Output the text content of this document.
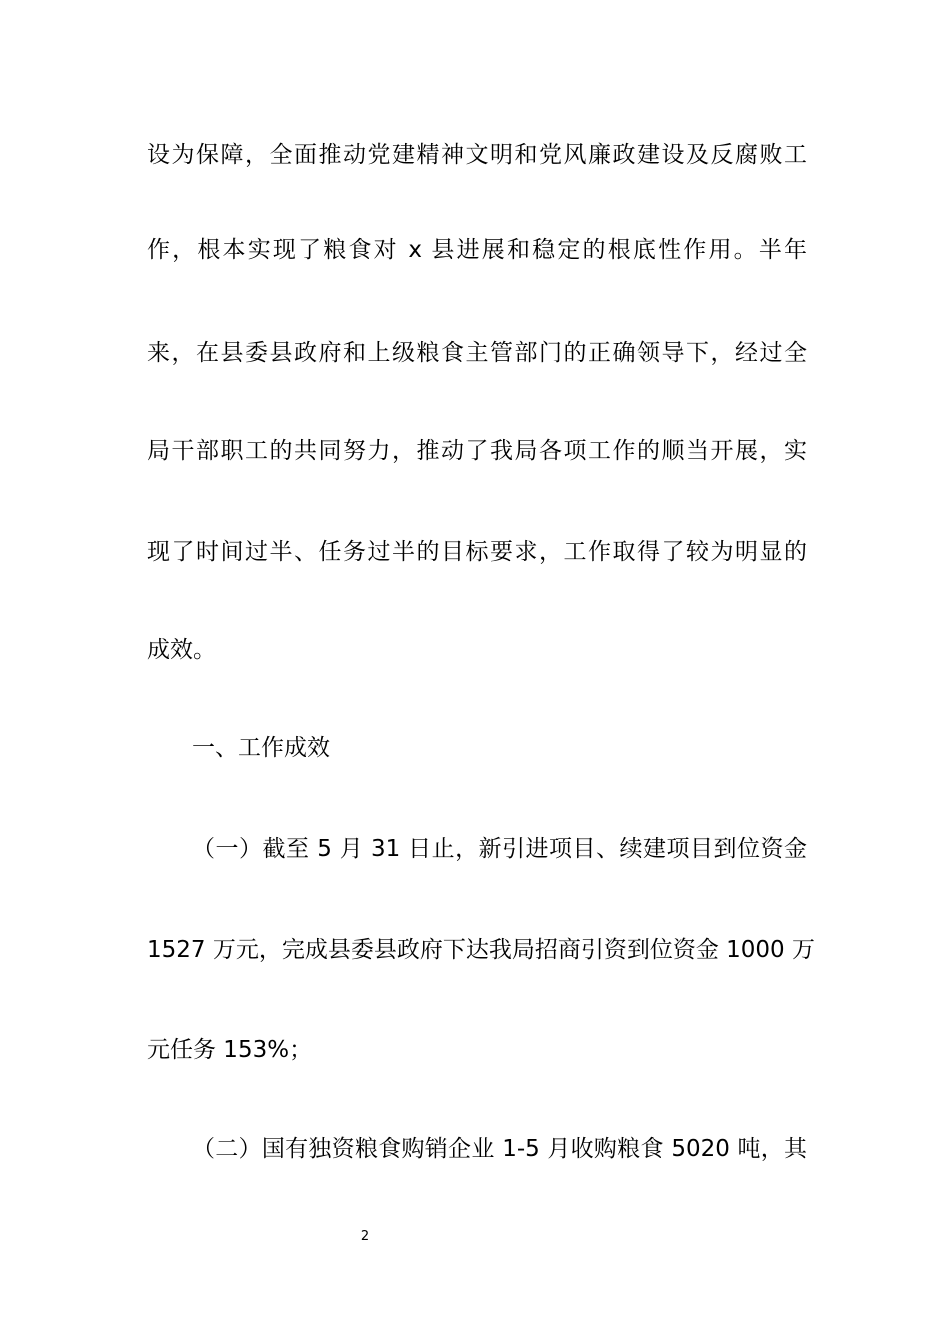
设为保障，全面推动党建精神文明和党风廉政建设及反腐败工
作，根本实现了粮食对 x 县进展和稳定的根底性作用。半年
来，在县委县政府和上级粮食主管部门的正确领导下，经过全
局干部职工的共同努力，推动了我局各项工作的顺当开展，实
现了时间过半、任务过半的目标要求，工作取得了较为明显的
成效。
一、工作成效
（一）截至 5 月 31 日止，新引进项目、续建项目到位资金
1527 万元，完成县委县政府下达我局招商引资到位资金 1000 万
元任务 153%；
（二）国有独资粮食购销企业 1-5 月收购粮食 5020 吨，其
2
